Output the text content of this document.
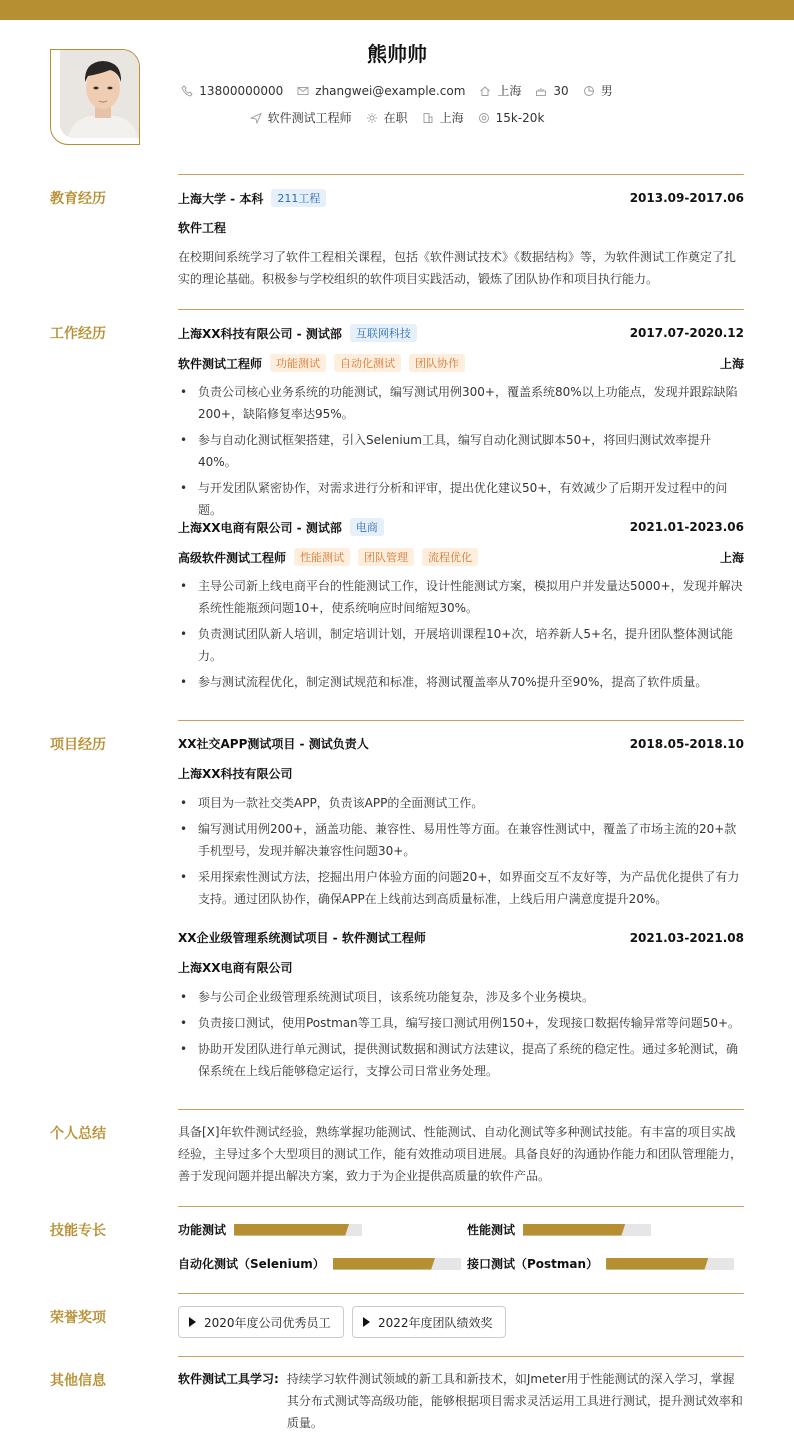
熊帅帅
13800000000	zhangwei@example.com	上海	30	男
软件测试工程师	在职	上海	15k-20k
教育经历	上海大学 - 本科	211工程	2013.09-2017.06
软件工程
在校期间系统学习了软件工程相关课程，包括《软件测试技术》《数据结构》等，为软件测试工作奠定了扎实的理论基础。积极参与学校组织的软件项目实践活动，锻炼了团队协作和项目执行能力。
工作经历	上海XX科技有限公司 - 测试部	互联网科技	2017.07-2020.12
软件测试工程师	功能测试	自动化测试	团队协作	上海
• 负责公司核心业务系统的功能测试，编写测试用例300+，覆盖系统80%以上功能点，发现并跟踪缺陷200+，缺陷修复率达95%。
• 参与自动化测试框架搭建，引入Selenium工具，编写自动化测试脚本50+，将回归测试效率提升40%。
• 与开发团队紧密协作，对需求进行分析和评审，提出优化建议50+，有效减少了后期开发过程中的问题。
上海XX电商有限公司 - 测试部	电商	2021.01-2023.06
高级软件测试工程师	性能测试	团队管理	流程优化	上海
• 主导公司新上线电商平台的性能测试工作，设计性能测试方案，模拟用户并发量达5000+，发现并解决系统性能瓶颈问题10+，使系统响应时间缩短30%。
• 负责测试团队新人培训，制定培训计划，开展培训课程10+次，培养新人5+名，提升团队整体测试能力。
• 参与测试流程优化，制定测试规范和标准，将测试覆盖率从70%提升至90%，提高了软件质量。
项目经历	XX社交APP测试项目 - 测试负责人	2018.05-2018.10
上海XX科技有限公司
• 项目为一款社交类APP，负责该APP的全面测试工作。
• 编写测试用例200+，涵盖功能、兼容性、易用性等方面。在兼容性测试中，覆盖了市场主流的20+款手机型号，发现并解决兼容性问题30+。
• 采用探索性测试方法，挖掘出用户体验方面的问题20+，如界面交互不友好等，为产品优化提供了有力支持。通过团队协作，确保APP在上线前达到高质量标准，上线后用户满意度提升20%。
XX企业级管理系统测试项目 - 软件测试工程师	2021.03-2021.08
上海XX电商有限公司
• 参与公司企业级管理系统测试项目，该系统功能复杂，涉及多个业务模块。
• 负责接口测试，使用Postman等工具，编写接口测试用例150+，发现接口数据传输异常等问题50+。
• 协助开发团队进行单元测试，提供测试数据和测试方法建议，提高了系统的稳定性。通过多轮测试，确保系统在上线后能够稳定运行，支撑公司日常业务处理。
个人总结	具备[X]年软件测试经验，熟练掌握功能测试、性能测试、自动化测试等多种测试技能。有丰富的项目实战经验，主导过多个大型项目的测试工作，能有效推动项目进展。具备良好的沟通协作能力和团队管理能力，善于发现问题并提出解决方案，致力于为企业提供高质量的软件产品。
技能专长	功能测试	性能测试
自动化测试（Selenium）	接口测试（Postman）
荣誉奖项	2020年度公司优秀员工	2022年度团队绩效奖
其他信息	软件测试工具学习: 持续学习软件测试领域的新工具和新技术，如Jmeter用于性能测试的深入学习，掌握其分布式测试等高级功能，能够根据项目需求灵活运用工具进行测试，提升测试效率和质量。
